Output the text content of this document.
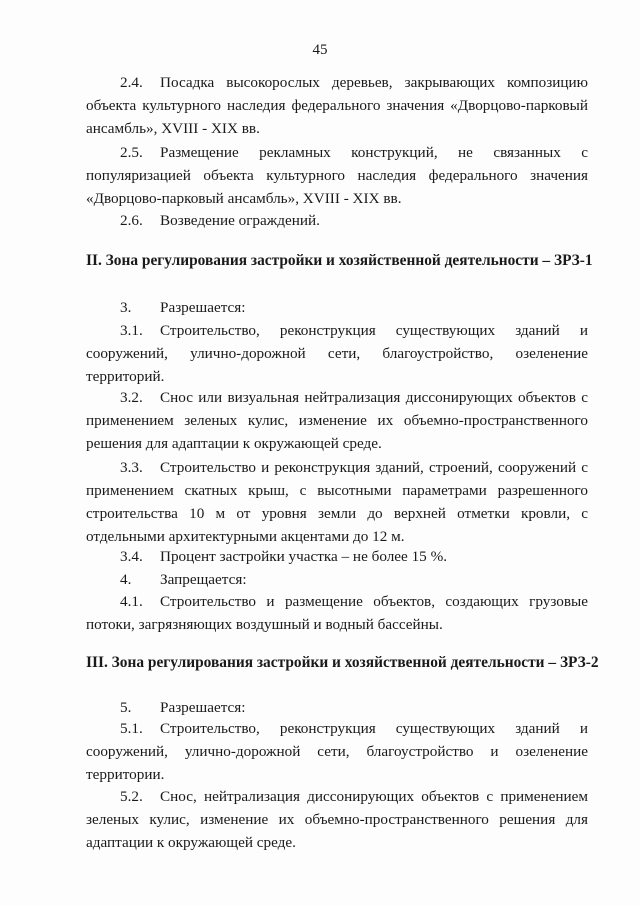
45
2.4. Посадка высокорослых деревьев, закрывающих композицию объекта культурного наследия федерального значения «Дворцово-парковый ансамбль», XVIII - XIX вв.
2.5. Размещение рекламных конструкций, не связанных с популяризацией объекта культурного наследия федерального значения «Дворцово-парковый ансамбль», XVIII - XIX вв.
2.6. Возведение ограждений.
II. Зона регулирования застройки и хозяйственной деятельности – ЗРЗ-1
3. Разрешается:
3.1. Строительство, реконструкция существующих зданий и сооружений, улично-дорожной сети, благоустройство, озеленение территорий.
3.2. Снос или визуальная нейтрализация диссонирующих объектов с применением зеленых кулис, изменение их объемно-пространственного решения для адаптации к окружающей среде.
3.3. Строительство и реконструкция зданий, строений, сооружений с применением скатных крыш, с высотными параметрами разрешенного строительства 10 м от уровня земли до верхней отметки кровли, с отдельными архитектурными акцентами до 12 м.
3.4. Процент застройки участка – не более 15 %.
4. Запрещается:
4.1. Строительство и размещение объектов, создающих грузовые потоки, загрязняющих воздушный и водный бассейны.
III. Зона регулирования застройки и хозяйственной деятельности – ЗРЗ-2
5. Разрешается:
5.1. Строительство, реконструкция существующих зданий и сооружений, улично-дорожной сети, благоустройство и озеленение территории.
5.2. Снос, нейтрализация диссонирующих объектов с применением зеленых кулис, изменение их объемно-пространственного решения для адаптации к окружающей среде.
